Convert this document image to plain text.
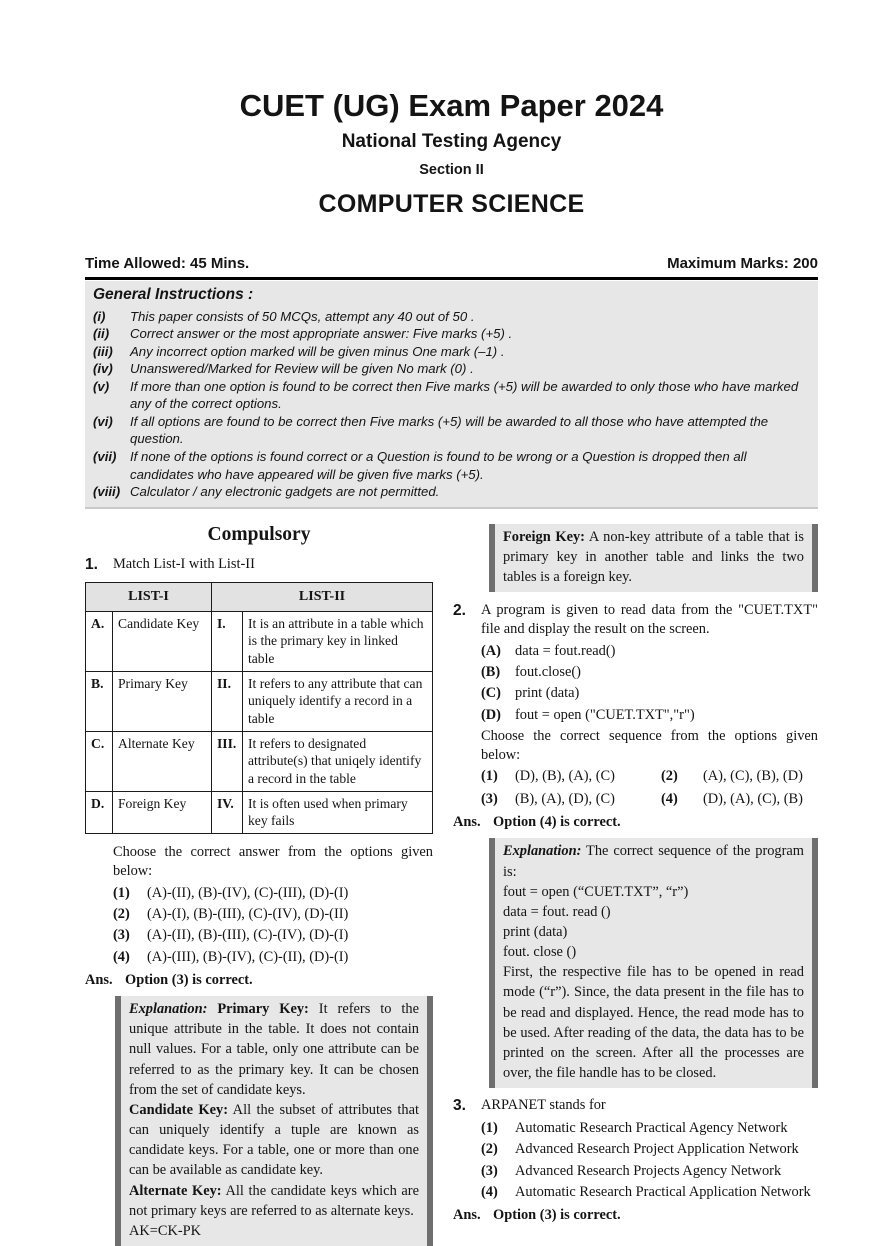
CUET (UG) Exam Paper 2024
National Testing Agency
Section II
COMPUTER SCIENCE
Time Allowed: 45 Mins.	Maximum Marks: 200
General Instructions :
(i)	This paper consists of 50 MCQs, attempt any 40 out of 50 .
(ii)	Correct answer or the most appropriate answer: Five marks (+5) .
(iii)	Any incorrect option marked will be given minus One mark (–1) .
(iv)	Unanswered/Marked for Review will be given No mark (0) .
(v)	If more than one option is found to be correct then Five marks (+5) will be awarded to only those who have marked any of the correct options.
(vi)	If all options are found to be correct then Five marks (+5) will be awarded to all those who have attempted the question.
(vii)	If none of the options is found correct or a Question is found to be wrong or a Question is dropped then all candidates who have appeared will be given five marks (+5).
(viii) Calculator / any electronic gadgets are not permitted.
Compulsory
1.	Match List-I with List-II
LIST-I		LIST-II	
A.	Candidate Key	I.	It is an attribute in a table which is the primary key in linked table
B.	Primary Key	II.	It refers to any attribute that can uniquely identify a record in a table
C.	Alternate Key	III.	It refers to designated attribute(s) that uniqely identify a record in the table
D.	Foreign Key	IV.	It is often used when primary key fails
Choose the correct answer from the options given below:
(1)	(A)-(II), (B)-(IV), (C)-(III), (D)-(I)
(2)	(A)-(I), (B)-(III), (C)-(IV), (D)-(II)
(3)	(A)-(II), (B)-(III), (C)-(IV), (D)-(I)
(4)	(A)-(III), (B)-(IV), (C)-(II), (D)-(I)
Ans. Option (3) is correct.
Explanation: Primary Key: It refers to the unique attribute in the table. It does not contain null values. For a table, only one attribute can be referred to as the primary key. It can be chosen from the set of candidate keys.
Candidate Key: All the subset of attributes that can uniquely identify a tuple are known as candidate keys. For a table, one or more than one can be available as candidate key.
Alternate Key: All the candidate keys which are not primary keys are referred to as alternate keys.
AK=CK-PK
Foreign Key: A non-key attribute of a table that is primary key in another table and links the two tables is a foreign key.
2.	A program is given to read data from the "CUET.TXT" file and display the result on the screen.
(A) data = fout.read()
(B)	fout.close()
(C) print (data)
(D) fout = open ("CUET.TXT","r")
Choose the correct sequence from the options given below:
(1)	(D), (B), (A), (C)	(2)	(A), (C), (B), (D)
(3)	(B), (A), (D), (C)	(4)	(D), (A), (C), (B)
Ans. Option (4) is correct.
Explanation: The correct sequence of the program is:
fout = open (“CUET.TXT”, “r”)
data = fout. read ()
print (data)
fout. close ()
First, the respective file has to be opened in read mode (“r”). Since, the data present in the file has to be read and displayed. Hence, the read mode has to be used. After reading of the data, the data has to be printed on the screen. After all the processes are over, the file handle has to be closed.
3.	ARPANET stands for
(1)	Automatic Research Practical Agency Network
(2)	Advanced Research Project Application Network
(3)	Advanced Research Projects Agency Network
(4)	Automatic Research Practical Application Network
Ans. Option (3) is correct.
